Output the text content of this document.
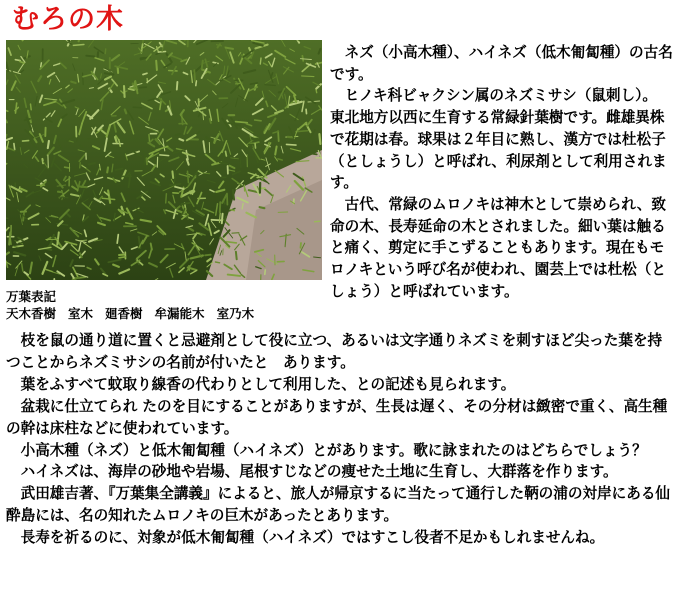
むろの木
万葉表記
天木香樹 室木 廻香樹 牟漏能木 室乃木

　ネズ（小高木種）、ハイネズ（低木匍匐種）の古名です。

　ヒノキ科ビャクシン属のネズミサシ（鼠刺し）。　東北地方以西に生育する常緑針葉樹です。雌雄異株で花期は春。球果は２年目に熟し、漢方では杜松子（としょうし）と呼ばれ、利尿剤として利用されます。

　古代、常緑のムロノキは神木として崇められ、致命の木、長寿延命の木とされました。細い葉は触ると痛く、剪定に手こずることもあります。現在もモロノキという呼び名が使われ、園芸上では杜松（としょう）と呼ばれています。

　枝を鼠の通り道に置くと忌避剤として役に立つ、あるいは文字通りネズミを刺すほど尖った葉を持つことからネズミサシの名前が付いたと　あります。

　葉をふすべて蚊取り線香の代わりとして利用した、との記述も見られます。

　盆栽に仕立てられ たのを目にすることがありますが、生長は遅く、その分材は緻密で重く、高生種の幹は床柱などに使われています。

　小高木種（ネズ）と低木匍匐種（ハイネズ）とがあります。歌に詠まれたのはどちらでしょう？

　ハイネズは、海岸の砂地や岩場、尾根すじなどの痩せた土地に生育し、大群落を作ります。

　武田雄吉著、『万葉集全講義』によると、旅人が帰京するに当たって通行した鞆の浦の対岸にある仙酔島には、名の知れたムロノキの巨木があったとあります。

　長寿を祈るのに、対象が低木匍匐種（ハイネズ）ではすこし役者不足かもしれませんね。
